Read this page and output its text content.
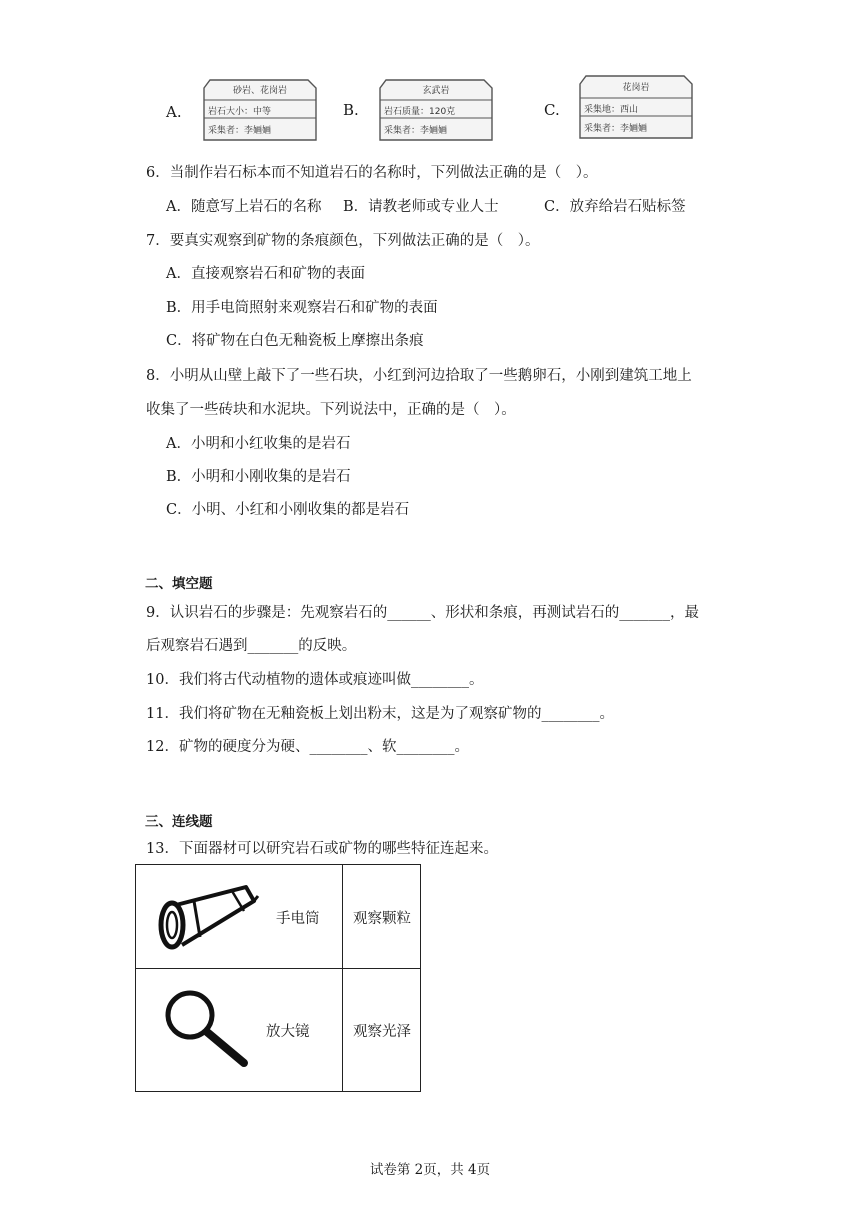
A.
砂岩、花岗岩
岩石大小：中等
采集者：李婳婳
B.
玄武岩
岩石质量：120克
采集者：李婳婳
C.
花岗岩
采集地：西山
采集者：李婳婳
6．当制作岩石标本而不知道岩石的名称时，下列做法正确的是（　）。
A．随意写上岩石的名称 B．请教老师或专业人士	C．放弃给岩石贴标签
7．要真实观察到矿物的条痕颜色，下列做法正确的是（　）。
A．直接观察岩石和矿物的表面
B．用手电筒照射来观察岩石和矿物的表面
C．将矿物在白色无釉瓷板上摩擦出条痕
8．小明从山壁上敲下了一些石块，小红到河边拾取了一些鹅卵石，小刚到建筑工地上
收集了一些砖块和水泥块。下列说法中，正确的是（　）。
A．小明和小红收集的是岩石
B．小明和小刚收集的是岩石
C．小明、小红和小刚收集的都是岩石
二、填空题
9．认识岩石的步骤是：先观察岩石的______、形状和条痕，再测试岩石的_______，最
后观察岩石遇到_______的反映。
10．我们将古代动植物的遗体或痕迹叫做________。
11．我们将矿物在无釉瓷板上划出粉末，这是为了观察矿物的________。
12．矿物的硬度分为硬、________、软________。
三、连线题
13．下面器材可以研究岩石或矿物的哪些特征连起来。
手电筒 观察颗粒
放大镜	观察光泽
试卷第 2页，共 4页
